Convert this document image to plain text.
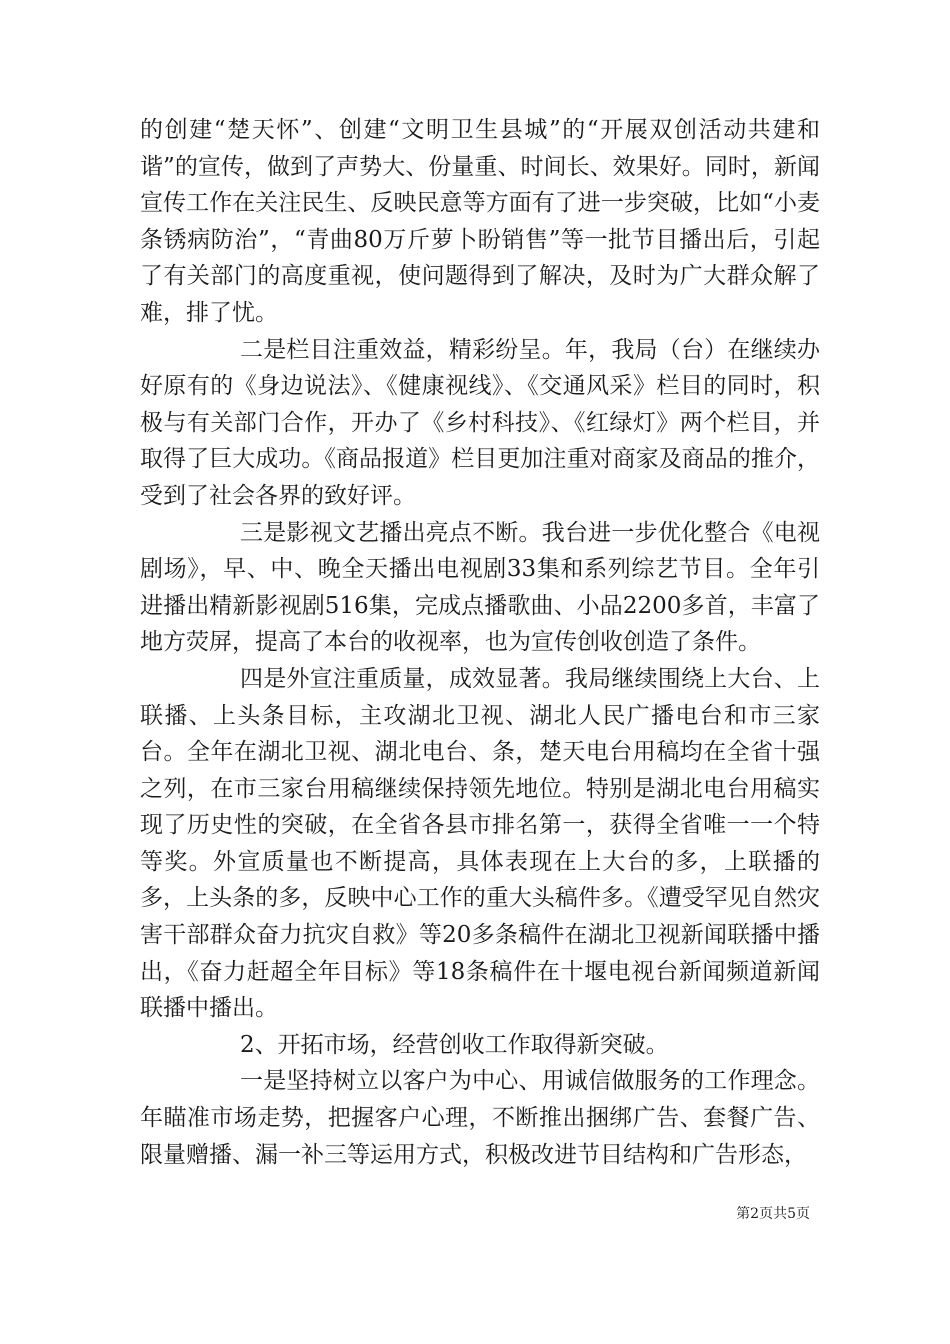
的创建“楚天怀”、创建“文明卫生县城”的“开展双创活动共建和谐”的宣传，做到了声势大、份量重、时间长、效果好。同时，新闻宣传工作在关注民生、反映民意等方面有了进一步突破，比如“小麦条锈病防治”，“青曲80万斤萝卜盼销售”等一批节目播出后，引起了有关部门的高度重视，使问题得到了解决，及时为广大群众解了难，排了忧。

二是栏目注重效益，精彩纷呈。年，我局（台）在继续办好原有的《身边说法》、《健康视线》、《交通风采》栏目的同时，积极与有关部门合作，开办了《乡村科技》、《红绿灯》两个栏目，并取得了巨大成功。《商品报道》栏目更加注重对商家及商品的推介，受到了社会各界的致好评。

三是影视文艺播出亮点不断。我台进一步优化整合《电视剧场》，早、中、晚全天播出电视剧33集和系列综艺节目。全年引进播出精新影视剧516集，完成点播歌曲、小品2200多首，丰富了地方荧屏，提高了本台的收视率，也为宣传创收创造了条件。

四是外宣注重质量，成效显著。我局继续围绕上大台、上联播、上头条目标，主攻湖北卫视、湖北人民广播电台和市三家台。全年在湖北卫视、湖北电台、条，楚天电台用稿均在全省十强之列，在市三家台用稿继续保持领先地位。特别是湖北电台用稿实现了历史性的突破，在全省各县市排名第一，获得全省唯一一个特等奖。外宣质量也不断提高，具体表现在上大台的多，上联播的多，上头条的多，反映中心工作的重大头稿件多。《遭受罕见自然灾害干部群众奋力抗灾自救》等20多条稿件在湖北卫视新闻联播中播出，《奋力赶超全年目标》等18条稿件在十堰电视台新闻频道新闻联播中播出。

2、开拓市场，经营创收工作取得新突破。

一是坚持树立以客户为中心、用诚信做服务的工作理念。年瞄准市场走势，把握客户心理，不断推出捆绑广告、套餐广告、限量赠播、漏一补三等运用方式，积极改进节目结构和广告形态，

第2页共5页
